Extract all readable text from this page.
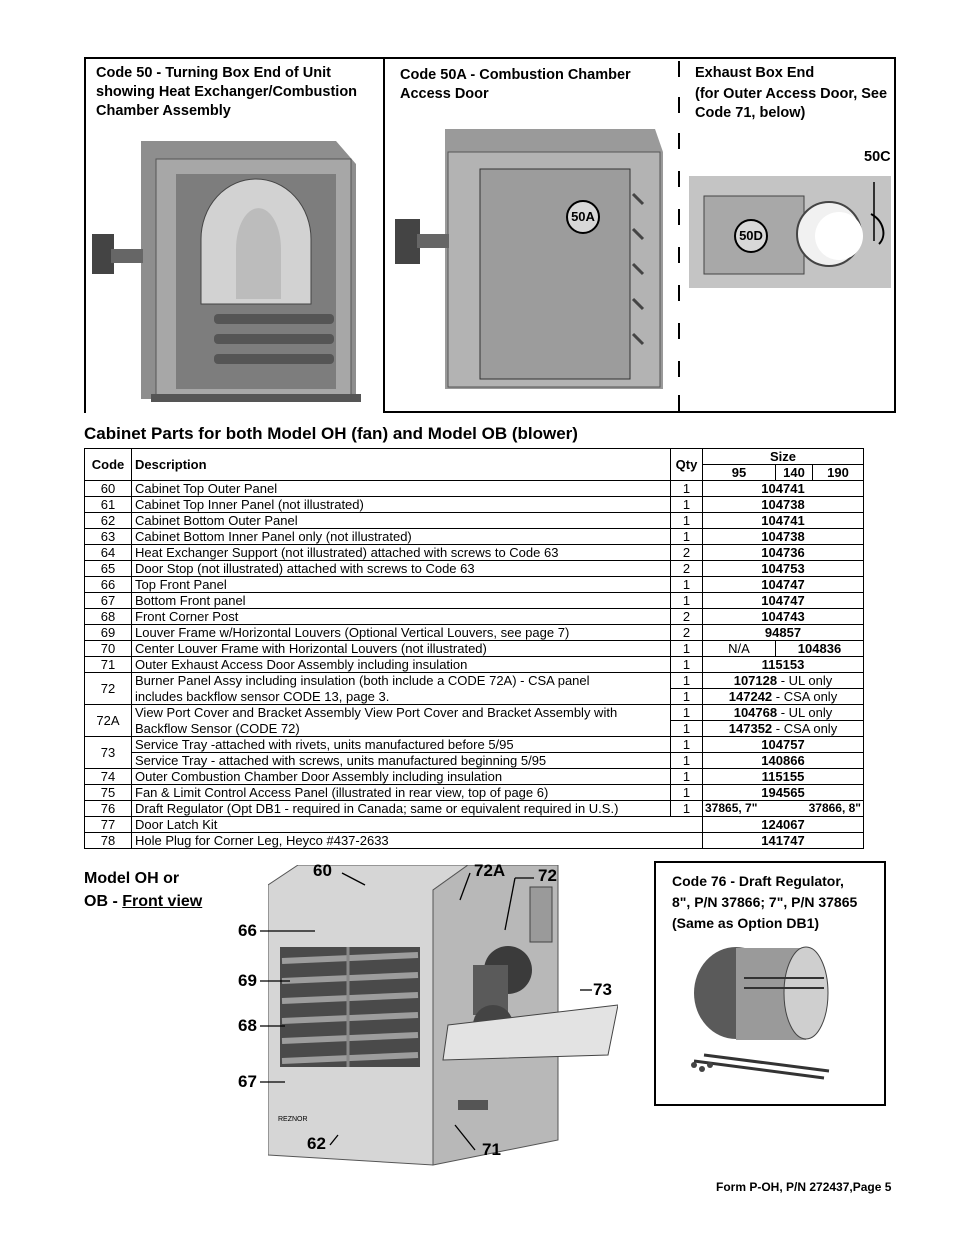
Code 50 - Turning Box End of Unit showing Heat Exchanger/Combustion Chamber Assembly
Code 50A - Combustion Chamber Access Door
50A
Exhaust Box End
(for Outer Access Door, See Code 71, below)
50C
50D
Cabinet Parts for both Model OH (fan) and Model OB (blower)
Code	Description	Qty	Size		
			95	140	190
60	Cabinet Top Outer Panel	1	104741		
61	Cabinet Top Inner Panel (not illustrated)	1	104738		
62	Cabinet Bottom Outer Panel	1	104741		
63	Cabinet Bottom Inner Panel only (not illustrated)	1	104738		
64	Heat Exchanger Support (not illustrated) attached with screws to Code 63	2	104736		
65	Door Stop (not illustrated) attached with screws to Code 63	2	104753		
66	Top Front Panel	1	104747		
67	Bottom Front panel	1	104747		
68	Front Corner Post	2	104743		
69	Louver Frame w/Horizontal Louvers (Optional Vertical Louvers, see page 7)	2	94857		
70	Center Louver Frame with Horizontal Louvers (not illustrated)	1	N/A	104836	
71	Outer Exhaust Access Door Assembly including insulation	1	115153		
72	Burner Panel Assy including insulation (both include a CODE 72A) - CSA panel	1	107128 - UL only		
	includes backflow sensor CODE 13, page 3.	1	147242 - CSA only		
72A	View Port Cover and Bracket Assembly View Port Cover and Bracket Assembly with	1	104768 - UL only		
	Backflow Sensor (CODE 72)	1	147352 - CSA only		
73	Service Tray -attached with rivets, units manufactured before 5/95	1	104757		
	Service Tray - attached with screws, units manufactured beginning 5/95	1	140866		
74	Outer Combustion Chamber Door Assembly including insulation	1	115155		
75	Fan & Limit Control Access Panel (illustrated in rear view, top of page 6)	1	194565		
76	Draft Regulator (Opt DB1 - required in Canada; same or equivalent required in U.S.)	1	37865, 7" 37866, 8"		

77	Door Latch Kit		124067		
78	Hole Plug for Corner Leg, Heyco #437-2633		141747		
Model OH or
OB - Front view
REZNOR
60	72A 72
66
69	73
68
67
62	71
Code 76 - Draft Regulator,
8", P/N 37866; 7", P/N 37865
(Same as Option DB1)
Form P-OH, P/N 272437,Page 5
